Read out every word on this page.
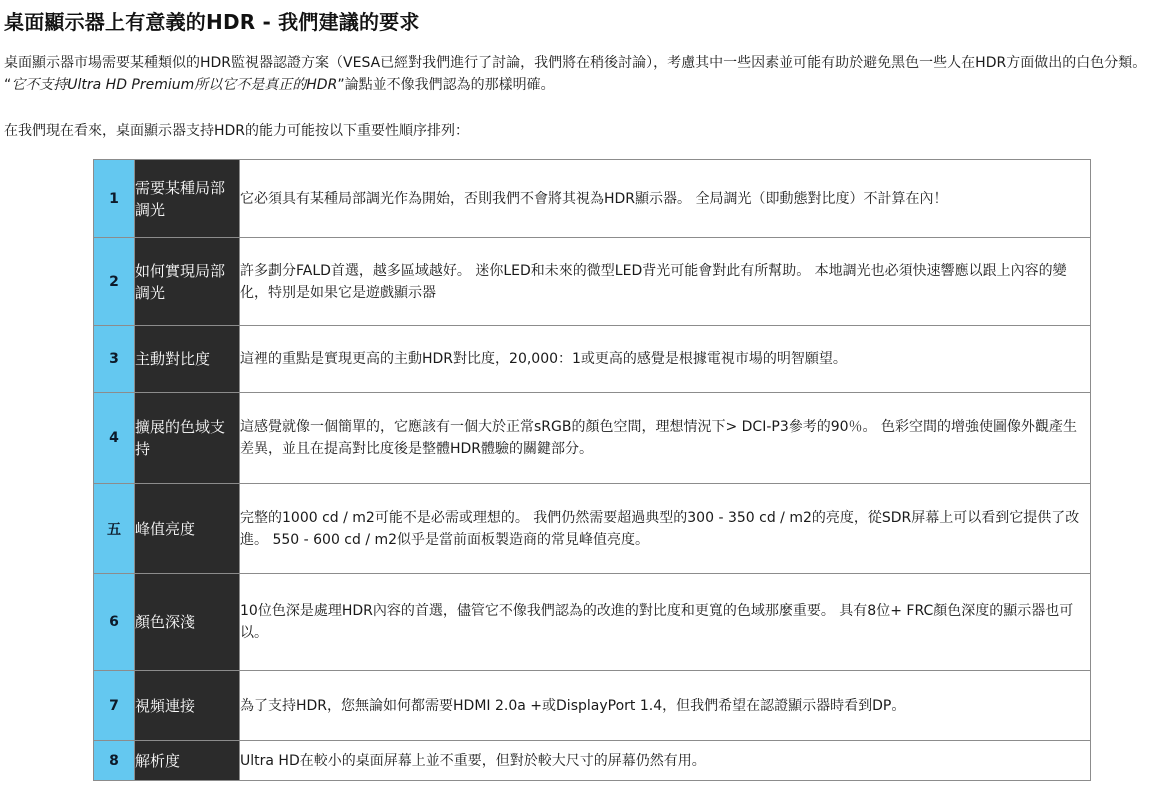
桌面顯示器上有意義的HDR - 我們建議的要求
桌面顯示器市場需要某種類似的HDR監視器認證方案（VESA已經對我們進行了討論，我們將在稍後討論），考慮其中一些因素並可能有助於避免黑色一些人在HDR方面做出的白色分類。 “它不支持Ultra HD Premium所以它不是真正的HDR”論點並不像我們認為的那樣明確。
在我們現在看來，桌面顯示器支持HDR的能力可能按以下重要性順序排列：
1	需要某種局部調光	它必須具有某種局部調光作為開始，否則我們不會將其視為HDR顯示器。 全局調光（即動態對比度）不計算在內！
2	如何實現局部調光	許多劃分FALD首選，越多區域越好。 迷你LED和未來的微型LED背光可能會對此有所幫助。 本地調光也必須快速響應以跟上內容的變化，特別是如果它是遊戲顯示器
3	主動對比度	這裡的重點是實現更高的主動HDR對比度，20,000：1或更高的感覺是根據電視市場的明智願望。
4	擴展的色域支持	這感覺就像一個簡單的，它應該有一個大於正常sRGB的顏色空間，理想情況下> DCI-P3參考的90％。 色彩空間的增強使圖像外觀產生差異，並且在提高對比度後是整體HDR體驗的關鍵部分。
五	峰值亮度	完整的1000 cd / m2可能不是必需或理想的。 我們仍然需要超過典型的300 - 350 cd / m2的亮度，從SDR屏幕上可以看到它提供了改進。 550 - 600 cd / m2似乎是當前面板製造商的常見峰值亮度。
6	顏色深淺	10位色深是處理HDR內容的首選，儘管它不像我們認為的改進的對比度和更寬的色域那麼重要。 具有8位+ FRC顏色深度的顯示器也可以。
7	視頻連接	為了支持HDR，您無論如何都需要HDMI 2.0a +或DisplayPort 1.4，但我們希望在認證顯示器時看到DP。
8	解析度	Ultra HD在較小的桌面屏幕上並不重要，但對於較大尺寸的屏幕仍然有用。
